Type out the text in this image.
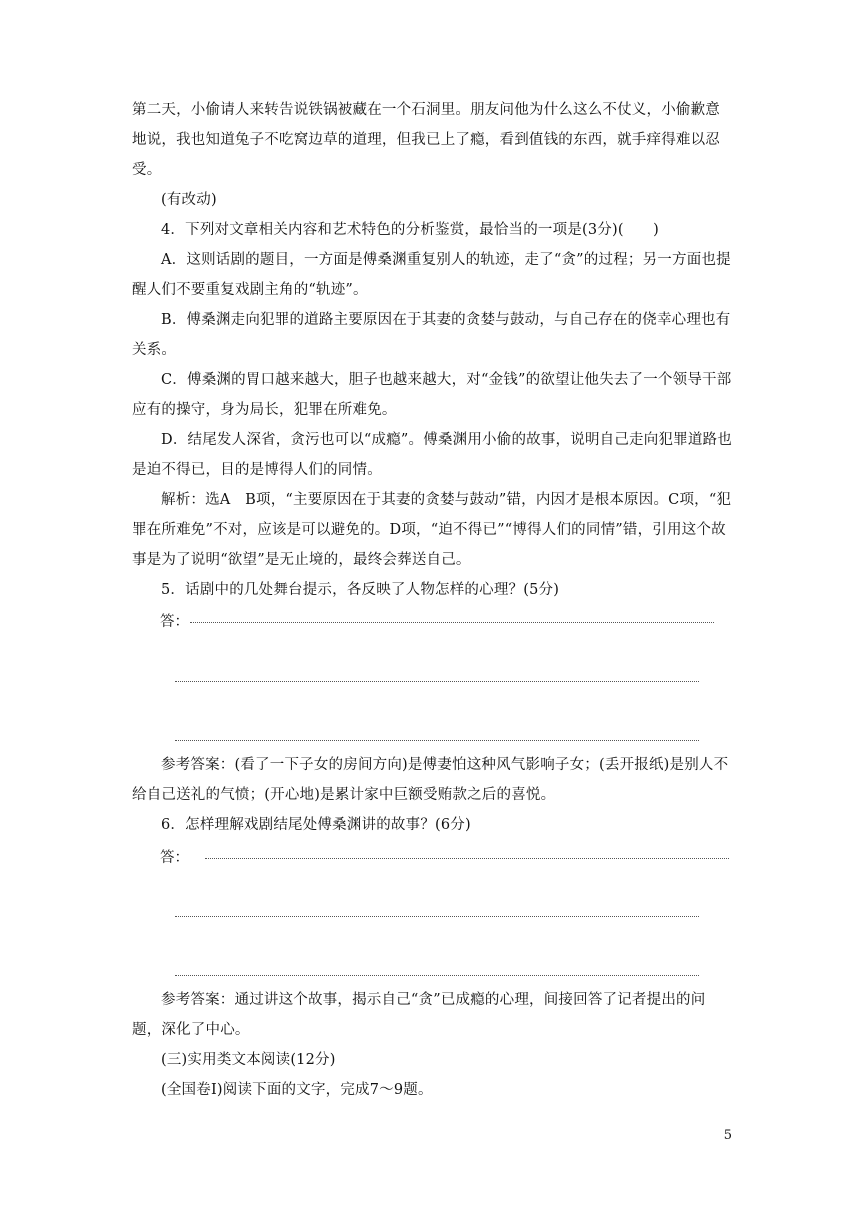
第二天，小偷请人来转告说铁锅被藏在一个石洞里。朋友问他为什么这么不仗义，小偷歉意地说，我也知道兔子不吃窝边草的道理，但我已上了瘾，看到值钱的东西，就手痒得难以忍受。

(有改动)

4．下列对文章相关内容和艺术特色的分析鉴赏，最恰当的一项是(3分)(　　)

A．这则话剧的题目，一方面是傅桑渊重复别人的轨迹，走了“贪”的过程；另一方面也提醒人们不要重复戏剧主角的“轨迹”。

B．傅桑渊走向犯罪的道路主要原因在于其妻的贪婪与鼓动，与自己存在的侥幸心理也有关系。

C．傅桑渊的胃口越来越大，胆子也越来越大，对“金钱”的欲望让他失去了一个领导干部应有的操守，身为局长，犯罪在所难免。

D．结尾发人深省，贪污也可以“成瘾”。傅桑渊用小偷的故事，说明自己走向犯罪道路也是迫不得已，目的是博得人们的同情。

解析：选A　B项，“主要原因在于其妻的贪婪与鼓动”错，内因才是根本原因。C项，“犯罪在所难免”不对，应该是可以避免的。D项，“迫不得已”“博得人们的同情”错，引用这个故事是为了说明“欲望”是无止境的，最终会葬送自己。

5．话剧中的几处舞台提示，各反映了人物怎样的心理？(5分)

答：

参考答案：(看了一下子女的房间方向)是傅妻怕这种风气影响子女；(丢开报纸)是别人不给自己送礼的气愤；(开心地)是累计家中巨额受贿款之后的喜悦。

6．怎样理解戏剧结尾处傅桑渊讲的故事？(6分)

答：

参考答案：通过讲这个故事，揭示自己“贪”已成瘾的心理，间接回答了记者提出的问题，深化了中心。

(三)实用类文本阅读(12分)

(全国卷Ⅰ)阅读下面的文字，完成7～9题。

5
